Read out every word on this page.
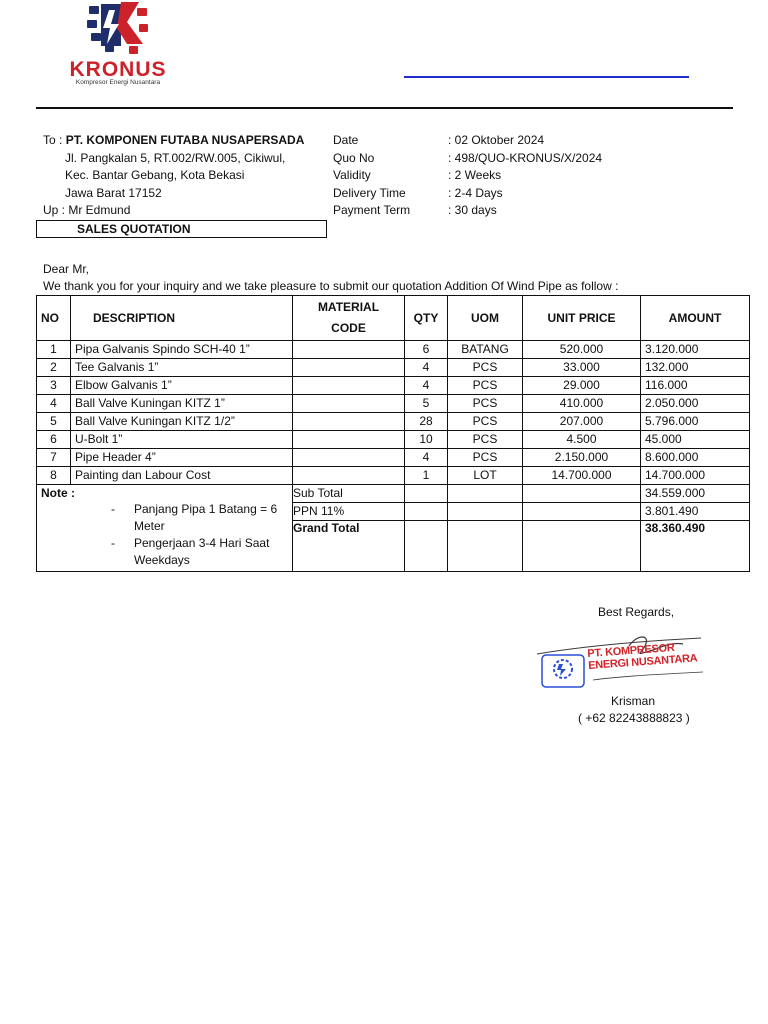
KRONUS
Kompresor Energi Nusantara
To : PT. KOMPONEN FUTABA NUSAPERSADA
Jl. Pangkalan 5, RT.002/RW.005, Cikiwul,
Kec. Bantar Gebang, Kota Bekasi
Jawa Barat 17152
Up : Mr Edmund
Date	: 02 Oktober 2024
Quo No	: 498/QUO-KRONUS/X/2024
Validity	: 2 Weeks
Delivery Time	: 2-4 Days
Payment Term	: 30 days
SALES QUOTATION
Dear Mr,
We thank you for your inquiry and we take pleasure to submit our quotation Addition Of Wind Pipe as follow :
NO	DESCRIPTION	MATERIAL
CODE	QTY	UOM	UNIT PRICE	AMOUNT
1	Pipa Galvanis Spindo SCH-40 1”		6	BATANG	520.000	3.120.000
2	Tee Galvanis 1”		4	PCS	33.000	132.000
3	Elbow Galvanis 1”		4	PCS	29.000	116.000
4	Ball Valve Kuningan KITZ 1”		5	PCS	410.000	2.050.000
5	Ball Valve Kuningan KITZ 1/2”		28	PCS	207.000	5.796.000
6	U-Bolt 1”		10	PCS	4.500	45.000
7	Pipe Header 4”		4	PCS	2.150.000	8.600.000
8	Painting dan Labour Cost		1	LOT	14.700.000	14.700.000

Note :
- Panjang Pipa 1 Batang = 6
Meter
- Pengerjaan 3-4 Hari Saat
Weekdays		Sub Total				34.559.000
		PPN 11%				3.801.490
		Grand Total				38.360.490
Best Regards,
PT. KOMPRESOR ENERGI NUSANTARA
Krisman
( +62 82243888823 )
